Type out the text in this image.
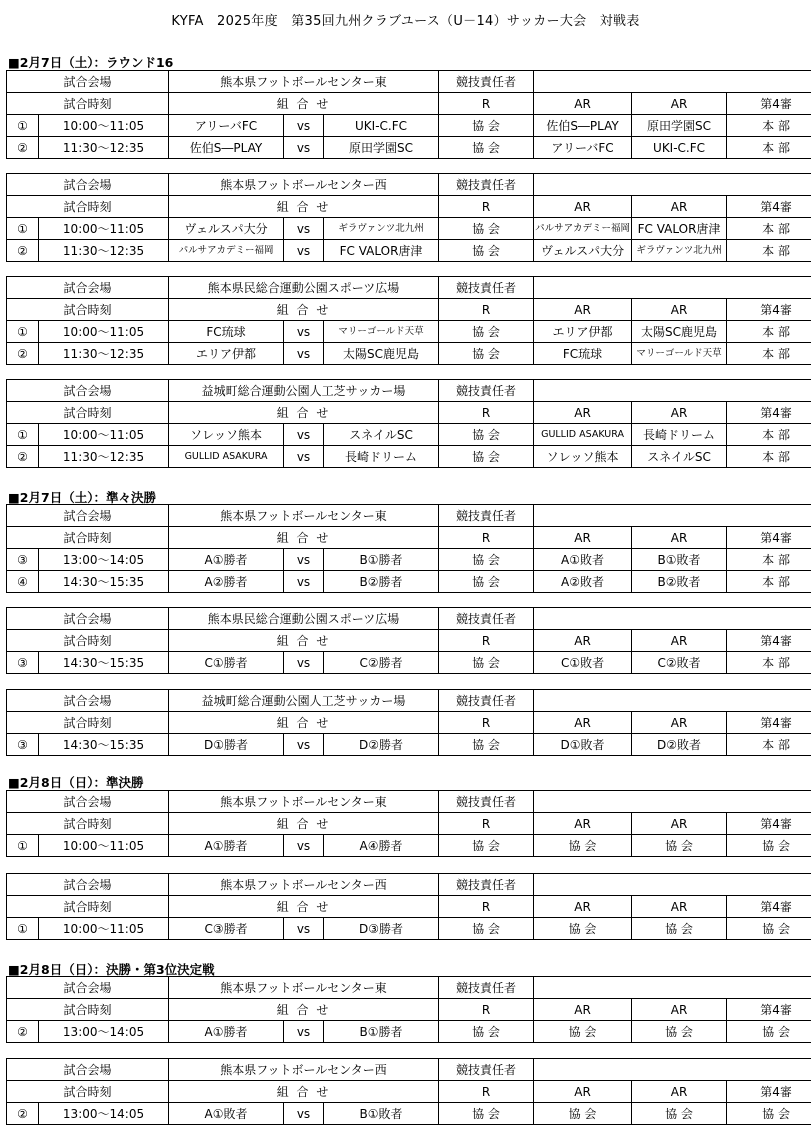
KYFA　2025年度　第35回九州クラブユース（U－14）サッカー大会　対戦表
■2月7日（土）：ラウンド16
試合会場		熊本県フットボールセンター東			競技責任者			
試合時刻		組 合 せ			R	AR	AR	第4審
①	10:00～11:05	アリーバFC	vs	UKI-C.FC	協 会	佐伯S―PLAY	原田学園SC	本 部
②	11:30～12:35	佐伯S―PLAY	vs	原田学園SC	協 会	アリーバFC	UKI-C.FC	本 部
試合会場		熊本県フットボールセンター西			競技責任者			
試合時刻		組 合 せ			R	AR	AR	第4審
①	10:00～11:05	ヴェルスパ大分	vs	ギラヴァンツ北九州	協 会	パルサアカデミー福岡	FC VALOR唐津	本 部
②	11:30～12:35	パルサアカデミー福岡	vs	FC VALOR唐津	協 会	ヴェルスパ大分	ギラヴァンツ北九州	本 部
試合会場		熊本県民総合運動公園スポーツ広場			競技責任者			
試合時刻		組 合 せ			R	AR	AR	第4審
①	10:00～11:05	FC琉球	vs	マリーゴールド天草	協 会	エリア伊都	太陽SC鹿児島	本 部
②	11:30～12:35	エリア伊都	vs	太陽SC鹿児島	協 会	FC琉球	マリーゴールド天草	本 部
試合会場		益城町総合運動公園人工芝サッカー場			競技責任者			
試合時刻		組 合 せ			R	AR	AR	第4審
①	10:00～11:05	ソレッソ熊本	vs	スネイルSC	協 会	GULLID ASAKURA	長崎ドリーム	本 部
②	11:30～12:35	GULLID ASAKURA	vs	長崎ドリーム	協 会	ソレッソ熊本	スネイルSC	本 部
■2月7日（土）：準々決勝
試合会場		熊本県フットボールセンター東			競技責任者			
試合時刻		組 合 せ			R	AR	AR	第4審
③	13:00～14:05	A①勝者	vs	B①勝者	協 会	A①敗者	B①敗者	本 部
④	14:30～15:35	A②勝者	vs	B②勝者	協 会	A②敗者	B②敗者	本 部
試合会場		熊本県民総合運動公園スポーツ広場			競技責任者			
試合時刻		組 合 せ			R	AR	AR	第4審
③	14:30～15:35	C①勝者	vs	C②勝者	協 会	C①敗者	C②敗者	本 部
試合会場		益城町総合運動公園人工芝サッカー場			競技責任者			
試合時刻		組 合 せ			R	AR	AR	第4審
③	14:30～15:35	D①勝者	vs	D②勝者	協 会	D①敗者	D②敗者	本 部
■2月8日（日）：準決勝
試合会場		熊本県フットボールセンター東			競技責任者			
試合時刻		組 合 せ			R	AR	AR	第4審
①	10:00～11:05	A①勝者	vs	A④勝者	協 会	協 会	協 会	協 会
試合会場		熊本県フットボールセンター西			競技責任者			
試合時刻		組 合 せ			R	AR	AR	第4審
①	10:00～11:05	C③勝者	vs	D③勝者	協 会	協 会	協 会	協 会
■2月8日（日）：決勝・第3位決定戦
試合会場		熊本県フットボールセンター東			競技責任者			
試合時刻		組 合 せ			R	AR	AR	第4審
②	13:00～14:05	A①勝者	vs	B①勝者	協 会	協 会	協 会	協 会
試合会場		熊本県フットボールセンター西			競技責任者			
試合時刻		組 合 せ			R	AR	AR	第4審
②	13:00～14:05	A①敗者	vs	B①敗者	協 会	協 会	協 会	協 会
